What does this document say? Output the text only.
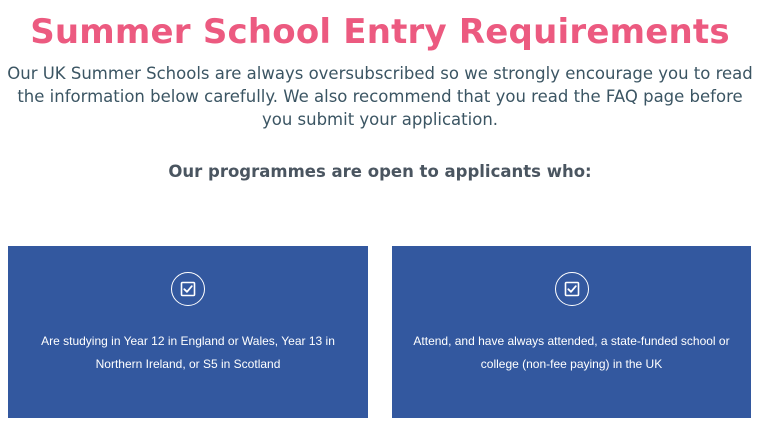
Summer School Entry Requirements

Our UK Summer Schools are always oversubscribed so we strongly encourage you to read the information below carefully. We also recommend that you read the FAQ page before you submit your application.

Our programmes are open to applicants who:

Are studying in Year 12 in England or Wales, Year 13 in Northern Ireland, or S5 in Scotland

Attend, and have always attended, a state-funded school or college (non-fee paying) in the UK
